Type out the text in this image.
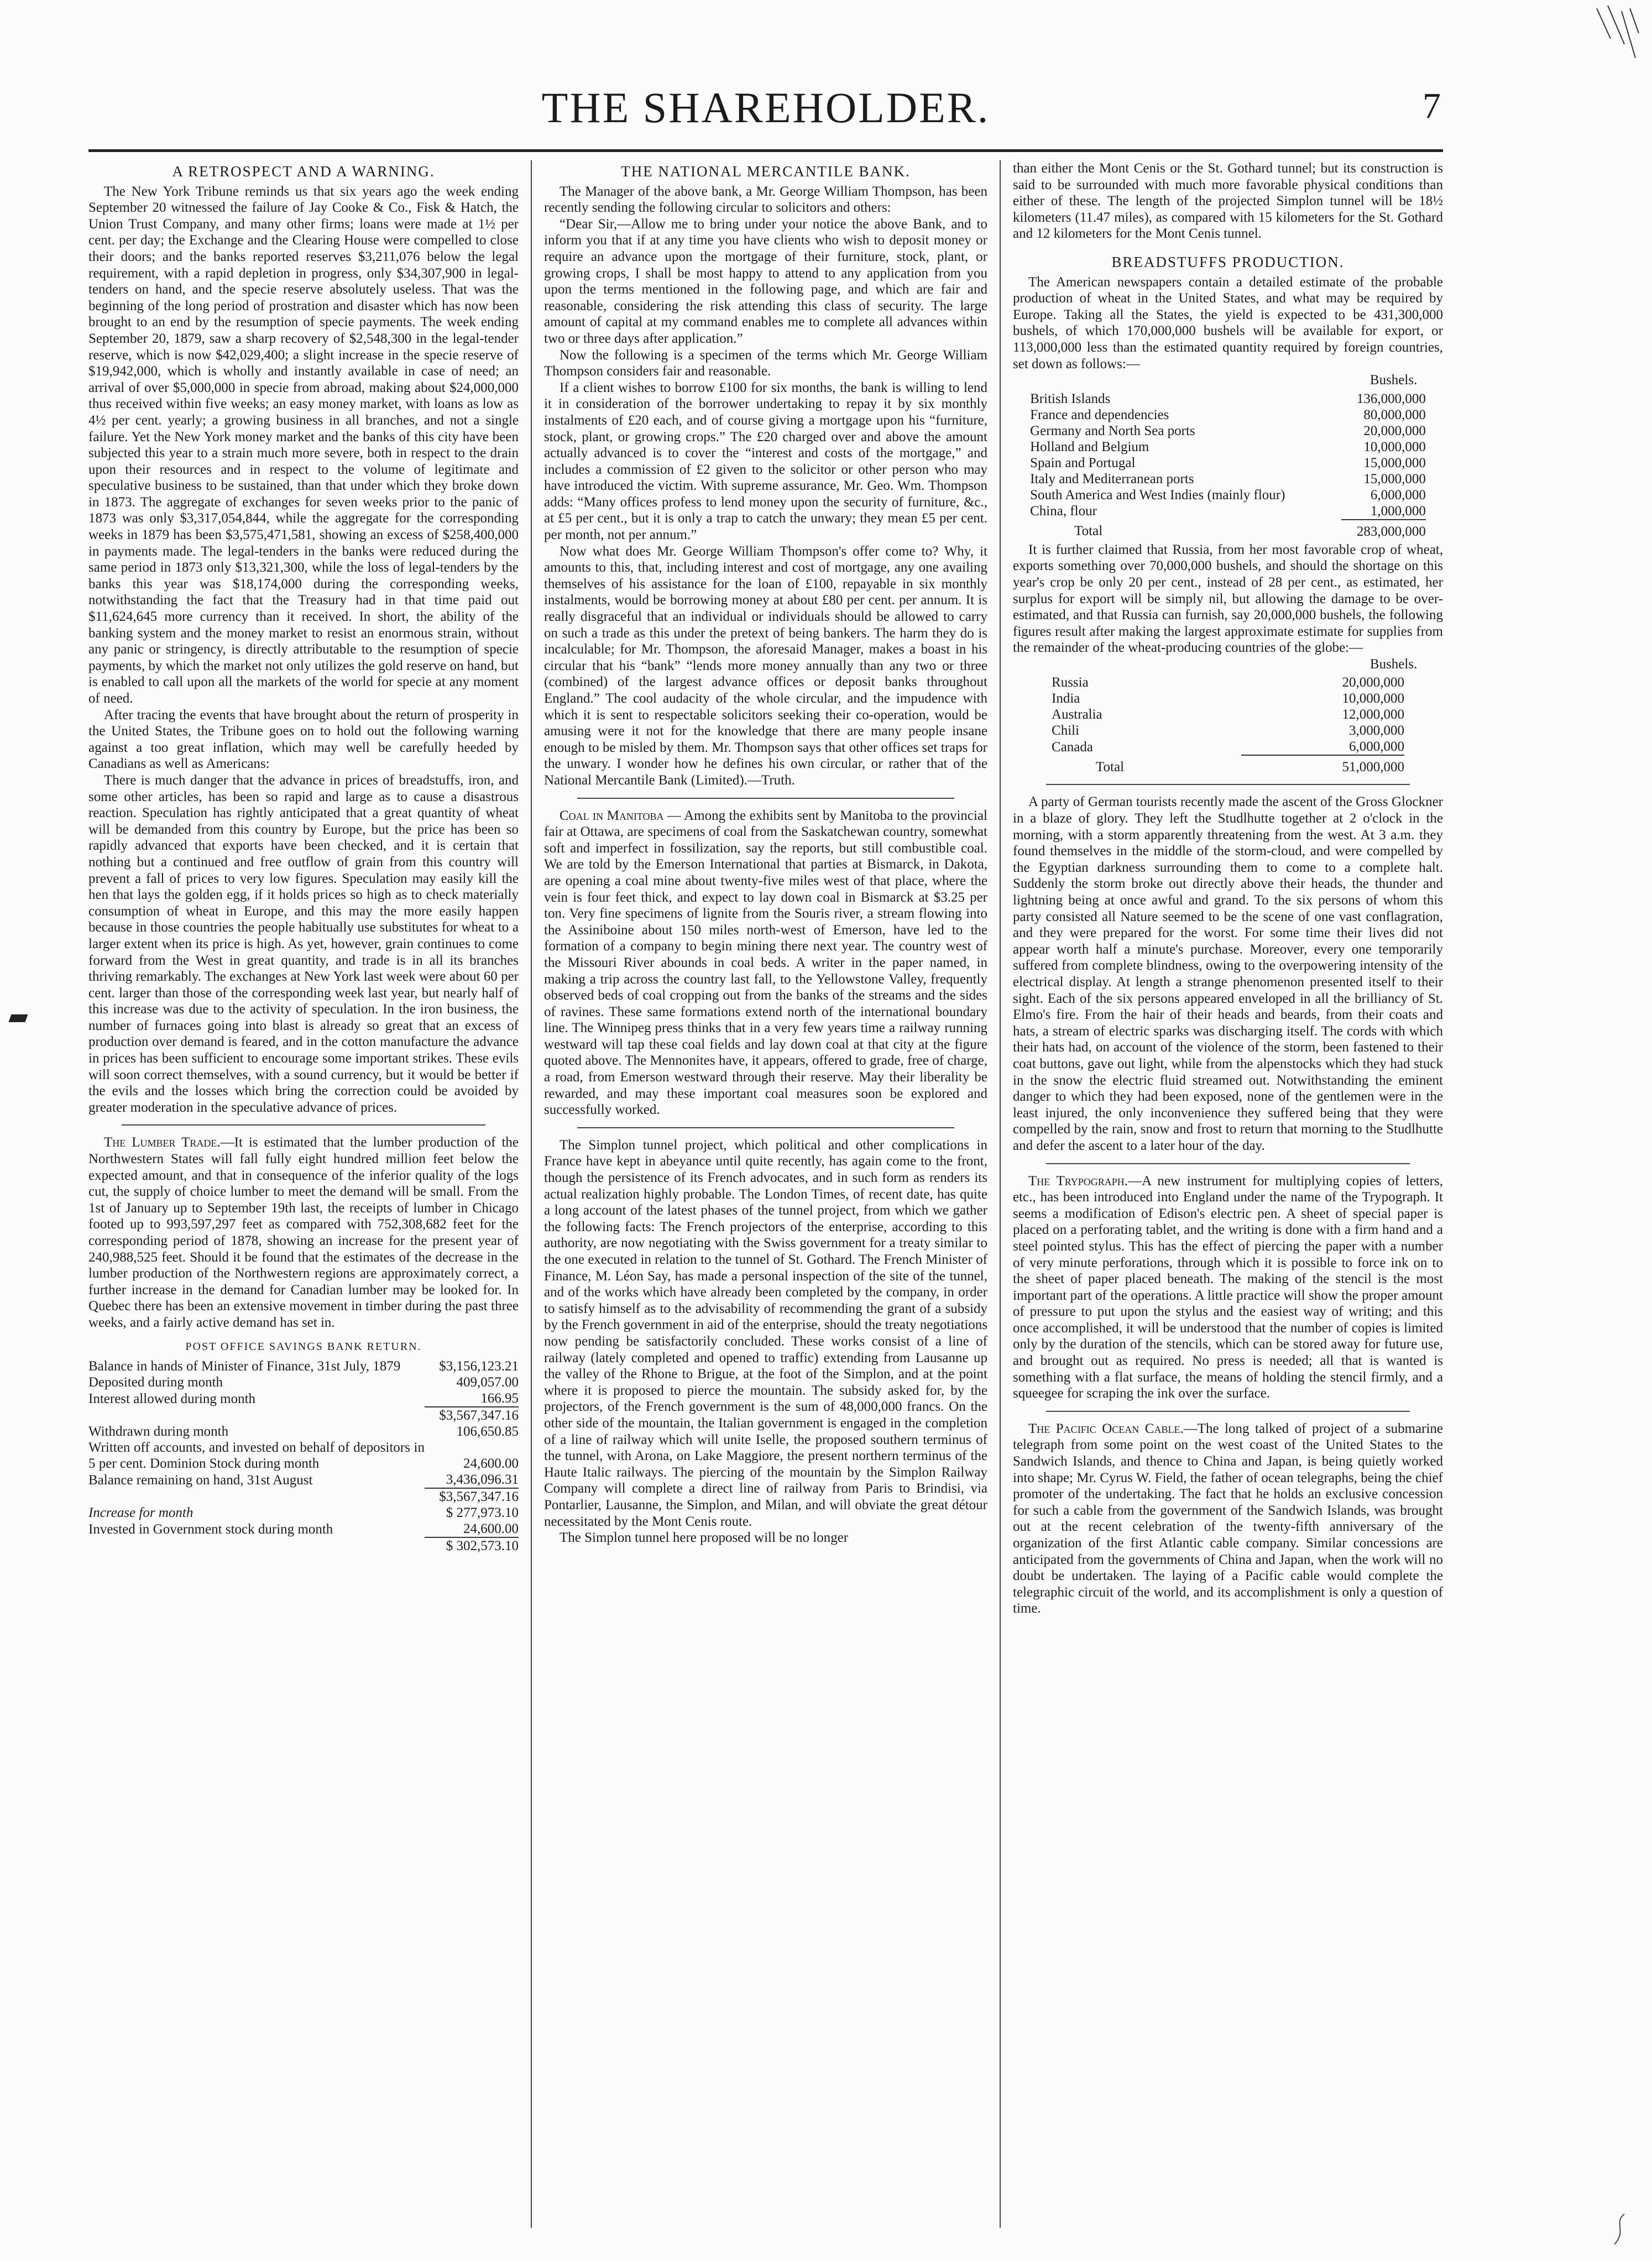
THE SHAREHOLDER.	7
A RETROSPECT AND A WARNING.

The New York Tribune reminds us that six years ago the week ending September 20 witnessed the failure of Jay Cooke & Co., Fisk & Hatch, the Union Trust Company, and many other firms; loans were made at 1½ per cent. per day; the Exchange and the Clearing House were compelled to close their doors; and the banks reported reserves $3,211,076 below the legal requirement, with a rapid depletion in progress, only $34,307,900 in legal-tenders on hand, and the specie reserve absolutely useless. That was the beginning of the long period of prostration and disaster which has now been brought to an end by the resumption of specie payments. The week ending September 20, 1879, saw a sharp recovery of $2,548,300 in the legal-tender reserve, which is now $42,029,400; a slight increase in the specie reserve of $19,942,000, which is wholly and instantly available in case of need; an arrival of over $5,000,000 in specie from abroad, making about $24,000,000 thus received within five weeks; an easy money market, with loans as low as 4½ per cent. yearly; a growing business in all branches, and not a single failure. Yet the New York money market and the banks of this city have been subjected this year to a strain much more severe, both in respect to the drain upon their resources and in respect to the volume of legitimate and speculative business to be sustained, than that under which they broke down in 1873. The aggregate of exchanges for seven weeks prior to the panic of 1873 was only $3,317,054,844, while the aggregate for the corresponding weeks in 1879 has been $3,575,471,581, showing an excess of $258,400,000 in payments made. The legal-tenders in the banks were reduced during the same period in 1873 only $13,321,300, while the loss of legal-tenders by the banks this year was $18,174,000 during the corresponding weeks, notwithstanding the fact that the Treasury had in that time paid out $11,624,645 more currency than it received. In short, the ability of the banking system and the money market to resist an enormous strain, without any panic or stringency, is directly attributable to the resumption of specie payments, by which the market not only utilizes the gold reserve on hand, but is enabled to call upon all the markets of the world for specie at any moment of need.

After tracing the events that have brought about the return of prosperity in the United States, the Tribune goes on to hold out the following warning against a too great inflation, which may well be carefully heeded by Canadians as well as Americans:

There is much danger that the advance in prices of breadstuffs, iron, and some other articles, has been so rapid and large as to cause a disastrous reaction. Speculation has rightly anticipated that a great quantity of wheat will be demanded from this country by Europe, but the price has been so rapidly advanced that exports have been checked, and it is certain that nothing but a continued and free outflow of grain from this country will prevent a fall of prices to very low figures. Speculation may easily kill the hen that lays the golden egg, if it holds prices so high as to check materially consumption of wheat in Europe, and this may the more easily happen because in those countries the people habitually use substitutes for wheat to a larger extent when its price is high. As yet, however, grain continues to come forward from the West in great quantity, and trade is in all its branches thriving remarkably. The exchanges at New York last week were about 60 per cent. larger than those of the corresponding week last year, but nearly half of this increase was due to the activity of speculation. In the iron business, the number of furnaces going into blast is already so great that an excess of production over demand is feared, and in the cotton manufacture the advance in prices has been sufficient to encourage some important strikes. These evils will soon correct themselves, with a sound currency, but it would be better if the evils and the losses which bring the correction could be avoided by greater moderation in the speculative advance of prices.

The Lumber Trade.—It is estimated that the lumber production of the Northwestern States will fall fully eight hundred million feet below the expected amount, and that in consequence of the inferior quality of the logs cut, the supply of choice lumber to meet the demand will be small. From the 1st of January up to September 19th last, the receipts of lumber in Chicago footed up to 993,597,297 feet as compared with 752,308,682 feet for the corresponding period of 1878, showing an increase for the present year of 240,988,525 feet. Should it be found that the estimates of the decrease in the lumber production of the Northwestern regions are approximately correct, a further increase in the demand for Canadian lumber may be looked for. In Quebec there has been an extensive movement in timber during the past three weeks, and a fairly active demand has set in.

POST OFFICE SAVINGS BANK RETURN.
Balance in hands of Minister of Finance, 31st July, 1879	$3,156,123.21
Deposited during month	409,057.00
Interest allowed during month	166.95
	$3,567,347.16
Withdrawn during month	106,650.85
Written off accounts, and invested on behalf of depositors in 5 per cent. Dominion Stock during month	24,600.00
Balance remaining on hand, 31st August	3,436,096.31
	$3,567,347.16
Increase for month	$ 277,973.10
Invested in Government stock during month	24,600.00
	$ 302,573.10
THE NATIONAL MERCANTILE BANK.

The Manager of the above bank, a Mr. George William Thompson, has been recently sending the following circular to solicitors and others:

“Dear Sir,—Allow me to bring under your notice the above Bank, and to inform you that if at any time you have clients who wish to deposit money or require an advance upon the mortgage of their furniture, stock, plant, or growing crops, I shall be most happy to attend to any application from you upon the terms mentioned in the following page, and which are fair and reasonable, considering the risk attending this class of security. The large amount of capital at my command enables me to complete all advances within two or three days after application.”

Now the following is a specimen of the terms which Mr. George William Thompson considers fair and reasonable.

If a client wishes to borrow £100 for six months, the bank is willing to lend it in consideration of the borrower undertaking to repay it by six monthly instalments of £20 each, and of course giving a mortgage upon his “furniture, stock, plant, or growing crops.” The £20 charged over and above the amount actually advanced is to cover the “interest and costs of the mortgage,” and includes a commission of £2 given to the solicitor or other person who may have introduced the victim. With supreme assurance, Mr. Geo. Wm. Thompson adds: “Many offices profess to lend money upon the security of furniture, &c., at £5 per cent., but it is only a trap to catch the unwary; they mean £5 per cent. per month, not per annum.”

Now what does Mr. George William Thompson's offer come to? Why, it amounts to this, that, including interest and cost of mortgage, any one availing themselves of his assistance for the loan of £100, repayable in six monthly instalments, would be borrowing money at about £80 per cent. per annum. It is really disgraceful that an individual or individuals should be allowed to carry on such a trade as this under the pretext of being bankers. The harm they do is incalculable; for Mr. Thompson, the aforesaid Manager, makes a boast in his circular that his “bank” “lends more money annually than any two or three (combined) of the largest advance offices or deposit banks throughout England.” The cool audacity of the whole circular, and the impudence with which it is sent to respectable solicitors seeking their co-operation, would be amusing were it not for the knowledge that there are many people insane enough to be misled by them. Mr. Thompson says that other offices set traps for the unwary. I wonder how he defines his own circular, or rather that of the National Mercantile Bank (Limited).—Truth.

Coal in Manitoba — Among the exhibits sent by Manitoba to the provincial fair at Ottawa, are specimens of coal from the Saskatchewan country, somewhat soft and imperfect in fossilization, say the reports, but still combustible coal. We are told by the Emerson International that parties at Bismarck, in Dakota, are opening a coal mine about twenty-five miles west of that place, where the vein is four feet thick, and expect to lay down coal in Bismarck at $3.25 per ton. Very fine specimens of lignite from the Souris river, a stream flowing into the Assiniboine about 150 miles north-west of Emerson, have led to the formation of a company to begin mining there next year. The country west of the Missouri River abounds in coal beds. A writer in the paper named, in making a trip across the country last fall, to the Yellowstone Valley, frequently observed beds of coal cropping out from the banks of the streams and the sides of ravines. These same formations extend north of the international boundary line. The Winnipeg press thinks that in a very few years time a railway running westward will tap these coal fields and lay down coal at that city at the figure quoted above. The Mennonites have, it appears, offered to grade, free of charge, a road, from Emerson westward through their reserve. May their liberality be rewarded, and may these important coal measures soon be explored and successfully worked.

The Simplon tunnel project, which political and other complications in France have kept in abeyance until quite recently, has again come to the front, though the persistence of its French advocates, and in such form as renders its actual realization highly probable. The London Times, of recent date, has quite a long account of the latest phases of the tunnel project, from which we gather the following facts: The French projectors of the enterprise, according to this authority, are now negotiating with the Swiss government for a treaty similar to the one executed in relation to the tunnel of St. Gothard. The French Minister of Finance, M. Léon Say, has made a personal inspection of the site of the tunnel, and of the works which have already been completed by the company, in order to satisfy himself as to the advisability of recommending the grant of a subsidy by the French government in aid of the enterprise, should the treaty negotiations now pending be satisfactorily concluded. These works consist of a line of railway (lately completed and opened to traffic) extending from Lausanne up the valley of the Rhone to Brigue, at the foot of the Simplon, and at the point where it is proposed to pierce the mountain. The subsidy asked for, by the projectors, of the French government is the sum of 48,000,000 francs. On the other side of the mountain, the Italian government is engaged in the completion of a line of railway which will unite Iselle, the proposed southern terminus of the tunnel, with Arona, on Lake Maggiore, the present northern terminus of the Haute Italic railways. The piercing of the mountain by the Simplon Railway Company will complete a direct line of railway from Paris to Brindisi, via Pontarlier, Lausanne, the Simplon, and Milan, and will obviate the great détour necessitated by the Mont Cenis route.

The Simplon tunnel here proposed will be no longer

than either the Mont Cenis or the St. Gothard tunnel; but its construction is said to be surrounded with much more favorable physical conditions than either of these. The length of the projected Simplon tunnel will be 18½ kilometers (11.47 miles), as compared with 15 kilometers for the St. Gothard and 12 kilometers for the Mont Cenis tunnel.

BREADSTUFFS PRODUCTION.

The American newspapers contain a detailed estimate of the probable production of wheat in the United States, and what may be required by Europe. Taking all the States, the yield is expected to be 431,300,000 bushels, of which 170,000,000 bushels will be available for export, or 113,000,000 less than the estimated quantity required by foreign countries, set down as follows:—

Bushels.
British Islands	136,000,000
France and dependencies	80,000,000
Germany and North Sea ports	20,000,000
Holland and Belgium	10,000,000
Spain and Portugal	15,000,000
Italy and Mediterranean ports	15,000,000
South America and West Indies (mainly flour)	6,000,000
China, flour	1,000,000
Total	283,000,000

It is further claimed that Russia, from her most favorable crop of wheat, exports something over 70,000,000 bushels, and should the shortage on this year's crop be only 20 per cent., instead of 28 per cent., as estimated, her surplus for export will be simply nil, but allowing the damage to be over-estimated, and that Russia can furnish, say 20,000,000 bushels, the following figures result after making the largest approximate estimate for supplies from the remainder of the wheat-producing countries of the globe:—

Bushels.
Russia	20,000,000
India	10,000,000
Australia	12,000,000
Chili	3,000,000
Canada	6,000,000
Total	51,000,000

A party of German tourists recently made the ascent of the Gross Glockner in a blaze of glory. They left the Studlhutte together at 2 o'clock in the morning, with a storm apparently threatening from the west. At 3 a.m. they found themselves in the middle of the storm-cloud, and were compelled by the Egyptian darkness surrounding them to come to a complete halt. Suddenly the storm broke out directly above their heads, the thunder and lightning being at once awful and grand. To the six persons of whom this party consisted all Nature seemed to be the scene of one vast conflagration, and they were prepared for the worst. For some time their lives did not appear worth half a minute's purchase. Moreover, every one temporarily suffered from complete blindness, owing to the overpowering intensity of the electrical display. At length a strange phenomenon presented itself to their sight. Each of the six persons appeared enveloped in all the brilliancy of St. Elmo's fire. From the hair of their heads and beards, from their coats and hats, a stream of electric sparks was discharging itself. The cords with which their hats had, on account of the violence of the storm, been fastened to their coat buttons, gave out light, while from the alpenstocks which they had stuck in the snow the electric fluid streamed out. Notwithstanding the eminent danger to which they had been exposed, none of the gentlemen were in the least injured, the only inconvenience they suffered being that they were compelled by the rain, snow and frost to return that morning to the Studlhutte and defer the ascent to a later hour of the day.

The Trypograph.—A new instrument for multiplying copies of letters, etc., has been introduced into England under the name of the Trypograph. It seems a modification of Edison's electric pen. A sheet of special paper is placed on a perforating tablet, and the writing is done with a firm hand and a steel pointed stylus. This has the effect of piercing the paper with a number of very minute perforations, through which it is possible to force ink on to the sheet of paper placed beneath. The making of the stencil is the most important part of the operations. A little practice will show the proper amount of pressure to put upon the stylus and the easiest way of writing; and this once accomplished, it will be understood that the number of copies is limited only by the duration of the stencils, which can be stored away for future use, and brought out as required. No press is needed; all that is wanted is something with a flat surface, the means of holding the stencil firmly, and a squeegee for scraping the ink over the surface.

The Pacific Ocean Cable.—The long talked of project of a submarine telegraph from some point on the west coast of the United States to the Sandwich Islands, and thence to China and Japan, is being quietly worked into shape; Mr. Cyrus W. Field, the father of ocean telegraphs, being the chief promoter of the undertaking. The fact that he holds an exclusive concession for such a cable from the government of the Sandwich Islands, was brought out at the recent celebration of the twenty-fifth anniversary of the organization of the first Atlantic cable company. Similar concessions are anticipated from the governments of China and Japan, when the work will no doubt be undertaken. The laying of a Pacific cable would complete the telegraphic circuit of the world, and its accomplishment is only a question of time.
